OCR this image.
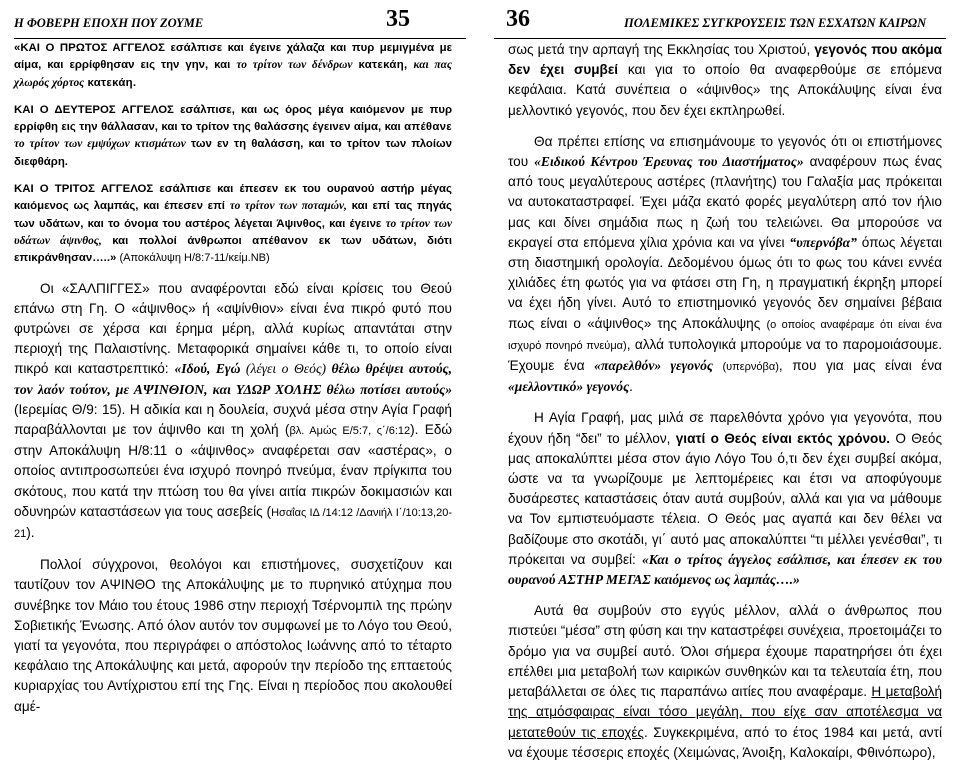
Η ΦΟΒΕΡΗ ΕΠΟΧΗ ΠΟΥ ΖΟΥΜΕ	35

«ΚΑΙ Ο ΠΡΩΤΟΣ ΑΓΓΕΛΟΣ εσάλπισε και έγεινε χάλαζα και πυρ μεμιγμένα με αίμα, και ερρίφθησαν εις την γην, και το τρίτον των δένδρων κατεκάη, και πας χλωρός χόρτος κατεκάη.

ΚΑΙ Ο ΔΕΥΤΕΡΟΣ ΑΓΓΕΛΟΣ εσάλπισε, και ως όρος μέγα καιόμενον με πυρ ερρίφθη εις την θάλλασαν, και το τρίτον της θαλάσσης έγεινεν αίμα, και απέθανε το τρίτον των εμψύχων κτισμάτων των εν τη θαλάσση, και το τρίτον των πλοίων διεφθάρη.

ΚΑΙ Ο ΤΡΙΤΟΣ ΑΓΓΕΛΟΣ εσάλπισε και έπεσεν εκ του ουρανού αστήρ μέγας καιόμενος ως λαμπάς, και έπεσεν επί το τρίτον των ποταμών, και επί τας πηγάς των υδάτων, και το όνομα του αστέρος λέγεται Άψινθος, και έγεινε το τρίτον των υδάτων άψινθος, και πολλοί άνθρωποι απέθανον εκ των υδάτων, διότι επικράνθησαν…..» (Αποκάλυψη Η/8:7-11/κείμ.ΝΒ)

Οι «ΣΑΛΠΙΓΓΕΣ» που αναφέρονται εδώ είναι κρίσεις του Θεού επάνω στη Γη. Ο «άψινθος» ή «αψίνθιον» είναι ένα πικρό φυτό που φυτρώνει σε χέρσα και έρημα μέρη, αλλά κυρίως απαντάται στην περιοχή της Παλαιστίνης. Μεταφορικά σημαίνει κάθε τι, το οποίο είναι πικρό και καταστρεπτικό: «Ιδού, Εγώ (λέγει ο Θεός) θέλω θρέψει αυτούς, τον λαόν τούτον, με ΑΨΙΝΘΙΟΝ, και ΥΔΩΡ ΧΟΛΗΣ θέλω ποτίσει αυτούς» (Ιερεμίας Θ/9: 15). Η αδικία και η δουλεία, συχνά μέσα στην Αγία Γραφή παραβάλλονται με τον άψινθο και τη χολή (βλ. Αμώς Ε/5:7, ς΄/6:12). Εδώ στην Αποκάλυψη Η/8:11 ο «άψινθος» αναφέρεται σαν «αστέρας», ο οποίος αντιπροσωπεύει ένα ισχυρό πονηρό πνεύμα, έναν πρίγκιπα του σκότους, που κατά την πτώση του θα γίνει αιτία πικρών δοκιμασιών και οδυνηρών καταστάσεων για τους ασεβείς (Ησαΐας ΙΔ /14:12 /Δανιήλ Ι΄/10:13,20-21).

Πολλοί σύγχρονοι, θεολόγοι και επιστήμονες, συσχετίζουν και ταυτίζουν τον ΑΨΙΝΘΟ της Αποκάλυψης με το πυρηνικό ατύχημα που συνέβηκε τον Μάιο του έτους 1986 στην περιοχή Τσέρνομπιλ της πρώην Σοβιετικής Ένωσης. Από όλον αυτόν τον συμφωνεί με το Λόγο του Θεού, γιατί τα γεγονότα, που περιγράφει ο απόστολος Ιωάννης από το τέταρτο κεφάλαιο της Αποκάλυψης και μετά, αφορούν την περίοδο της επταετούς κυριαρχίας του Αντίχριστου επί της Γης. Είναι η περίοδος που ακολουθεί αμέ-

36	ΠΟΛΕΜΙΚΕΣ ΣΥΓΚΡΟΥΣΕΙΣ ΤΩΝ ΕΣΧΑΤΩΝ ΚΑΙΡΩΝ

σως μετά την αρπαγή της Εκκλησίας του Χριστού, γεγονός που ακόμα δεν έχει συμβεί και για το οποίο θα αναφερθούμε σε επόμενα κεφάλαια. Κατά συνέπεια ο «άψινθος» της Αποκάλυψης είναι ένα μελλοντικό γεγονός, που δεν έχει εκπληρωθεί.

Θα πρέπει επίσης να επισημάνουμε το γεγονός ότι οι επιστήμονες του «Ειδικού Κέντρου Έρευνας του Διαστήματος» αναφέρουν πως ένας από τους μεγαλύτερους αστέρες (πλανήτης) του Γαλαξία μας πρόκειται να αυτοκαταστραφεί. Έχει μάζα εκατό φορές μεγαλύτερη από τον ήλιο μας και δίνει σημάδια πως η ζωή του τελειώνει. Θα μπορούσε να εκραγεί στα επόμενα χίλια χρόνια και να γίνει “υπερνόβα” όπως λέγεται στη διαστημική ορολογία. Δεδομένου όμως ότι το φως του κάνει εννέα χιλιάδες έτη φωτός για να φτάσει στη Γη, η πραγματική έκρηξη μπορεί να έχει ήδη γίνει. Αυτό το επιστημονικό γεγονός δεν σημαίνει βέβαια πως είναι ο «άψινθος» της Αποκάλυψης (ο οποίος αναφέραμε ότι είναι ένα ισχυρό πονηρό πνεύμα), αλλά τυπολογικά μπορούμε να το παρομοιάσουμε. Έχουμε ένα «παρελθόν» γεγονός (υπερνόβα), που για μας είναι ένα «μελλοντικό» γεγονός.

Η Αγία Γραφή, μας μιλά σε παρελθόντα χρόνο για γεγονότα, που έχουν ήδη “δει” το μέλλον, γιατί ο Θεός είναι εκτός χρόνου. Ο Θεός μας αποκαλύπτει μέσα στον άγιο Λόγο Του ό,τι δεν έχει συμβεί ακόμα, ώστε να τα γνωρίζουμε με λεπτομέρειες και έτσι να αποφύγουμε δυσάρεστες καταστάσεις όταν αυτά συμβούν, αλλά και για να μάθουμε να Τον εμπιστευόμαστε τέλεια. Ο Θεός μας αγαπά και δεν θέλει να βαδίζουμε στο σκοτάδι, γι΄ αυτό μας αποκαλύπτει “τι μέλλει γενέσθαι”, τι πρόκειται να συμβεί: «Και ο τρίτος άγγελος εσάλπισε, και έπεσεν εκ του ουρανού ΑΣΤΗΡ ΜΕΓΑΣ καιόμενος ως λαμπάς….»

Αυτά θα συμβούν στο εγγύς μέλλον, αλλά ο άνθρωπος που πιστεύει “μέσα” στη φύση και την καταστρέφει συνέχεια, προετοιμάζει το δρόμο για να συμβεί αυτό. Όλοι σήμερα έχουμε παρατηρήσει ότι έχει επέλθει μια μεταβολή των καιρικών συνθηκών και τα τελευταία έτη, που μεταβάλλεται σε όλες τις παραπάνω αιτίες που αναφέραμε. Η μεταβολή της ατμόσφαιρας είναι τόσο μεγάλη, που είχε σαν αποτέλεσμα να μετατεθούν τις εποχές. Συγκεκριμένα, από το έτος 1984 και μετά, αντί να έχουμε τέσσερις εποχές (Χειμώνας, Άνοιξη, Καλοκαίρι, Φθινόπωρο),
